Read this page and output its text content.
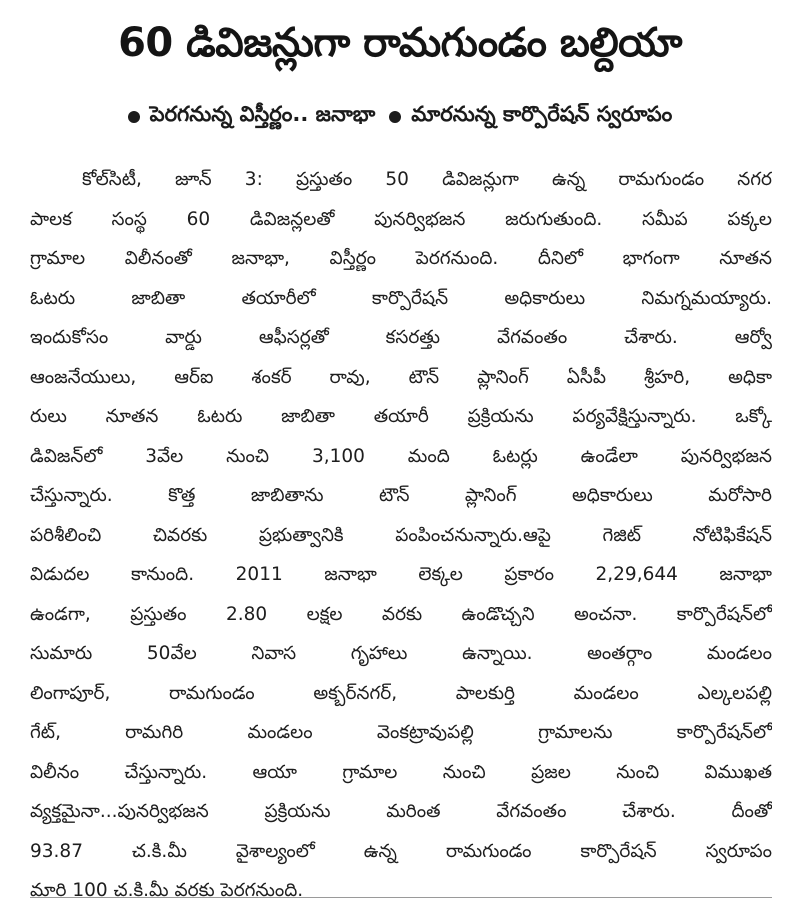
60 డివిజన్లుగా రామగుండం బల్దియా
పెరగనున్న విస్తీర్ణం.. జనాభా మారనున్న కార్పొరేషన్ స్వరూపం
కోల్‌సిటీ, జూన్ 3: ప్రస్తుతం 50 డివిజన్లుగా ఉన్న రామగుండం నగర
పాలక సంస్థ 60 డివిజన్లలతో పునర్విభజన జరుగుతుంది. సమీప పక్కల
గ్రామాల విలీనంతో జనాభా, విస్తీర్ణం పెరగనుంది. దీనిలో భాగంగా నూతన
ఓటరు జాబితా తయారీలో కార్పొరేషన్ అధికారులు నిమగ్నమయ్యారు.
ఇందుకోసం వార్డు ఆఫీసర్లతో కసరత్తు వేగవంతం చేశారు. ఆర్వో
ఆంజనేయులు, ఆర్ఐ శంకర్ రావు, టౌన్ ప్లానింగ్ ఏసీపీ శ్రీహరి, అధికా
రులు నూతన ఓటరు జాబితా తయారీ ప్రక్రియను పర్యవేక్షిస్తున్నారు. ఒక్కో
డివిజన్‌లో 3వేల నుంచి 3,100 మంది ఓటర్లు ఉండేలా పునర్విభజన
చేస్తున్నారు. కొత్త జాబితాను టౌన్ ప్లానింగ్ అధికారులు మరోసారి
పరిశీలించి చివరకు ప్రభుత్వానికి పంపించనున్నారు.ఆపై గెజిట్ నోటిఫికేషన్
విడుదల కానుంది. 2011 జనాభా లెక్కల ప్రకారం 2,29,644 జనాభా
ఉండగా, ప్రస్తుతం 2.80 లక్షల వరకు ఉండొచ్చని అంచనా. కార్పొరేషన్‌లో
సుమారు 50వేల నివాస గృహాలు ఉన్నాయి. అంతర్గాం మండలం
లింగాపూర్, రామగుండం అక్బర్‌నగర్, పాలకుర్తి మండలం ఎల్కలపల్లి
గేట్, రామగిరి మండలం వెంకట్రావుపల్లి గ్రామాలను కార్పొరేషన్‌లో
విలీనం చేస్తున్నారు. ఆయా గ్రామాల నుంచి ప్రజల నుంచి విముఖత
వ్యక్తమైనా...పునర్విభజన ప్రక్రియను మరింత వేగవంతం చేశారు. దీంతో
93.87 చ.కి.మీ వైశాల్యంలో ఉన్న రామగుండం కార్పొరేషన్ స్వరూపం
మారి 100 చ.కి.మీ వరకు పెరగనుంది.
